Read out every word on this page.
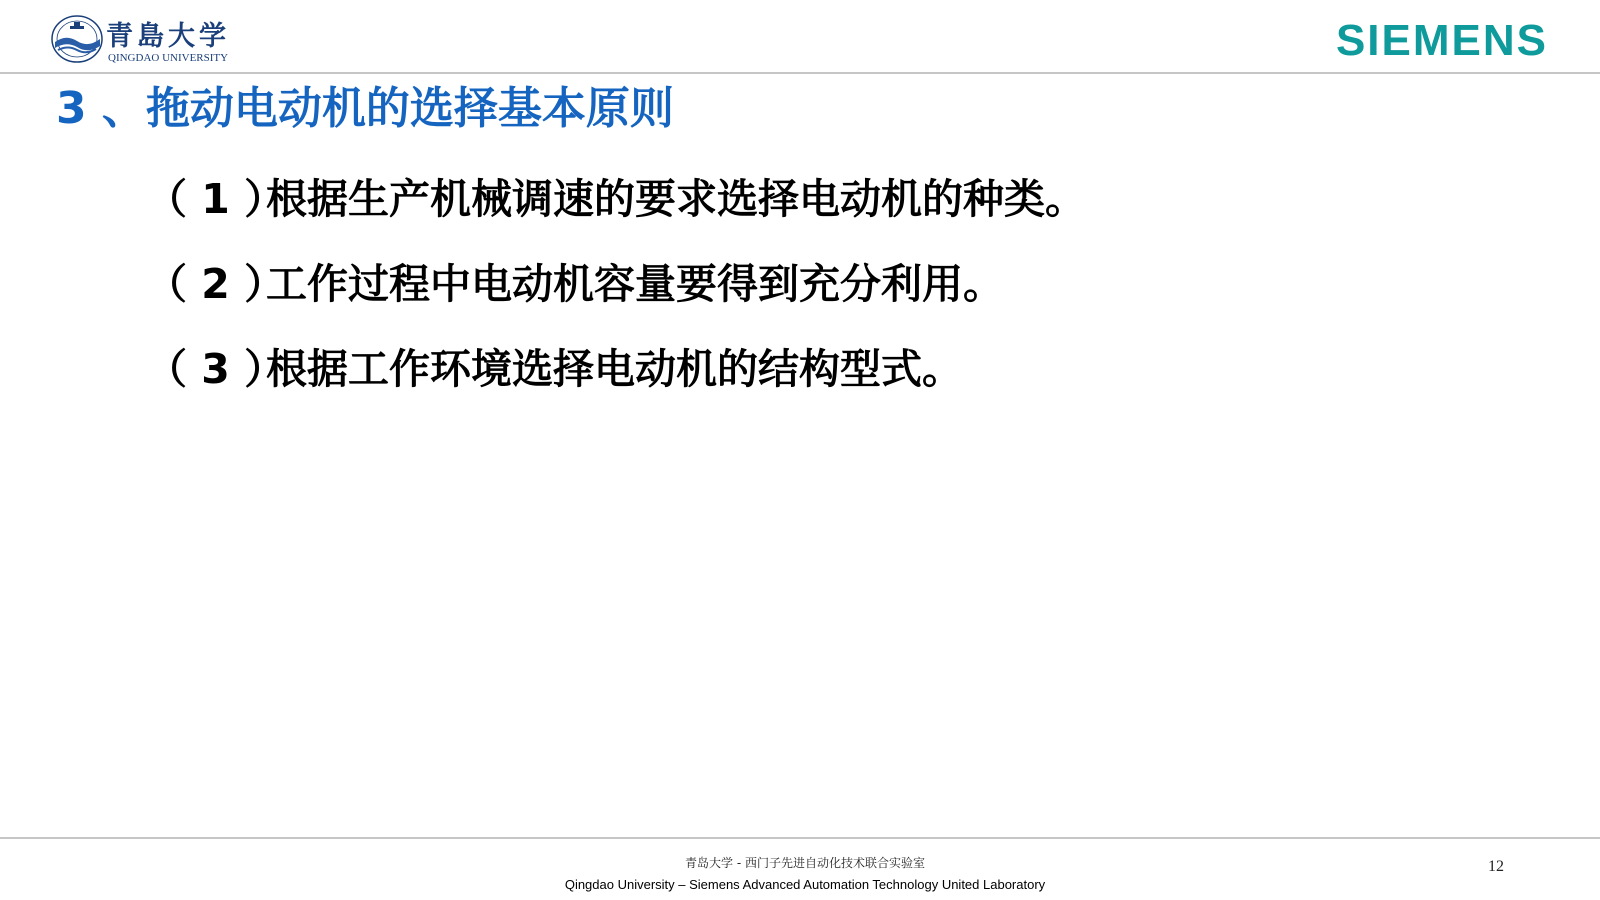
青島大学
QINGDAO UNIVERSITY	SIEMENS
3 、拖动电动机的选择基本原则
（ 1 ）根据生产机械调速的要求选择电动机的种类。
（ 2 ）工作过程中电动机容量要得到充分利用。
（ 3 ）根据工作环境选择电动机的结构型式。
青岛大学 - 西门子先进自动化技术联合实验室
Qingdao University – Siemens Advanced Automation Technology United Laboratory
12
